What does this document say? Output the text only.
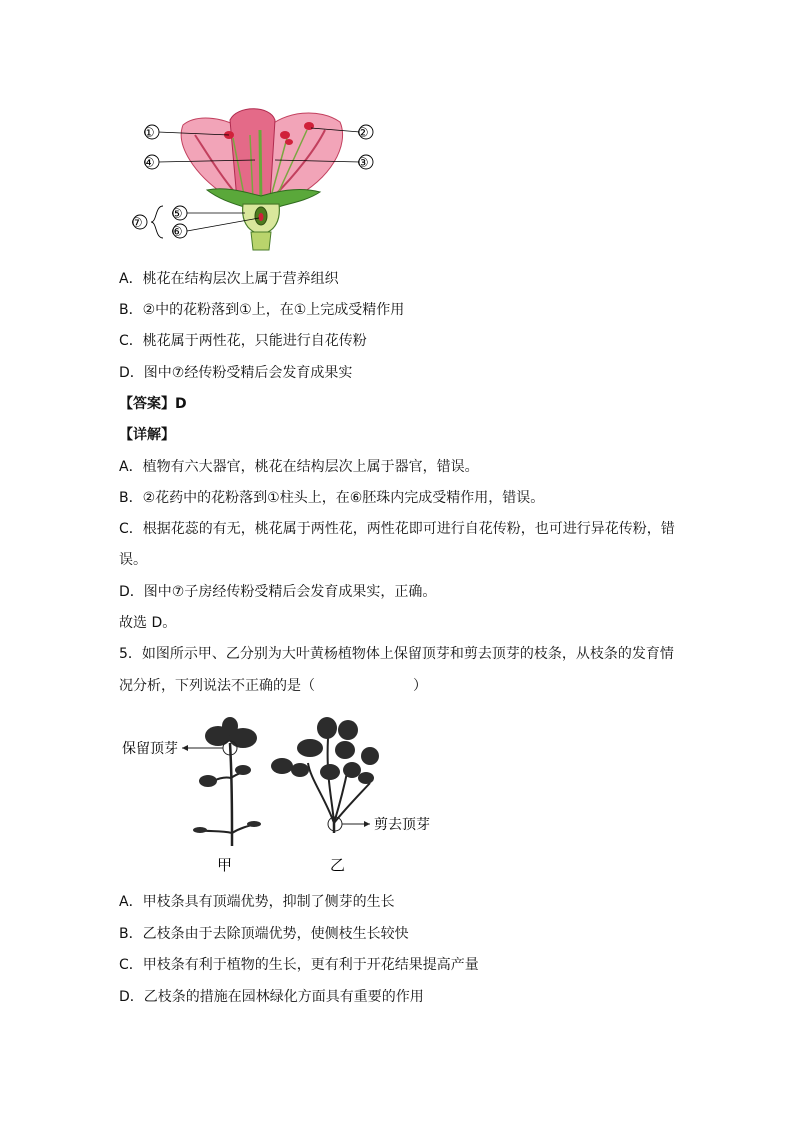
①
④
②
③
⑤
⑥
⑦
A．桃花在结构层次上属于营养组织
B．②中的花粉落到①上，在①上完成受精作用
C．桃花属于两性花，只能进行自花传粉
D．图中⑦经传粉受精后会发育成果实
【答案】D
【详解】
A．植物有六大器官，桃花在结构层次上属于器官，错误。
B．②花药中的花粉落到①柱头上，在⑥胚珠内完成受精作用，错误。
C．根据花蕊的有无，桃花属于两性花，两性花即可进行自花传粉，也可进行异花传粉，错
误。
D．图中⑦子房经传粉受精后会发育成果实，正确。
故选 D。
5．如图所示甲、乙分别为大叶黄杨植物体上保留顶芽和剪去顶芽的枝条，从枝条的发育情
况分析，下列说法不正确的是（	）
保留顶芽
剪去顶芽
甲	乙
A．甲枝条具有顶端优势，抑制了侧芽的生长
B．乙枝条由于去除顶端优势，使侧枝生长较快
C．甲枝条有利于植物的生长，更有利于开花结果提高产量
D．乙枝条的措施在园林绿化方面具有重要的作用
